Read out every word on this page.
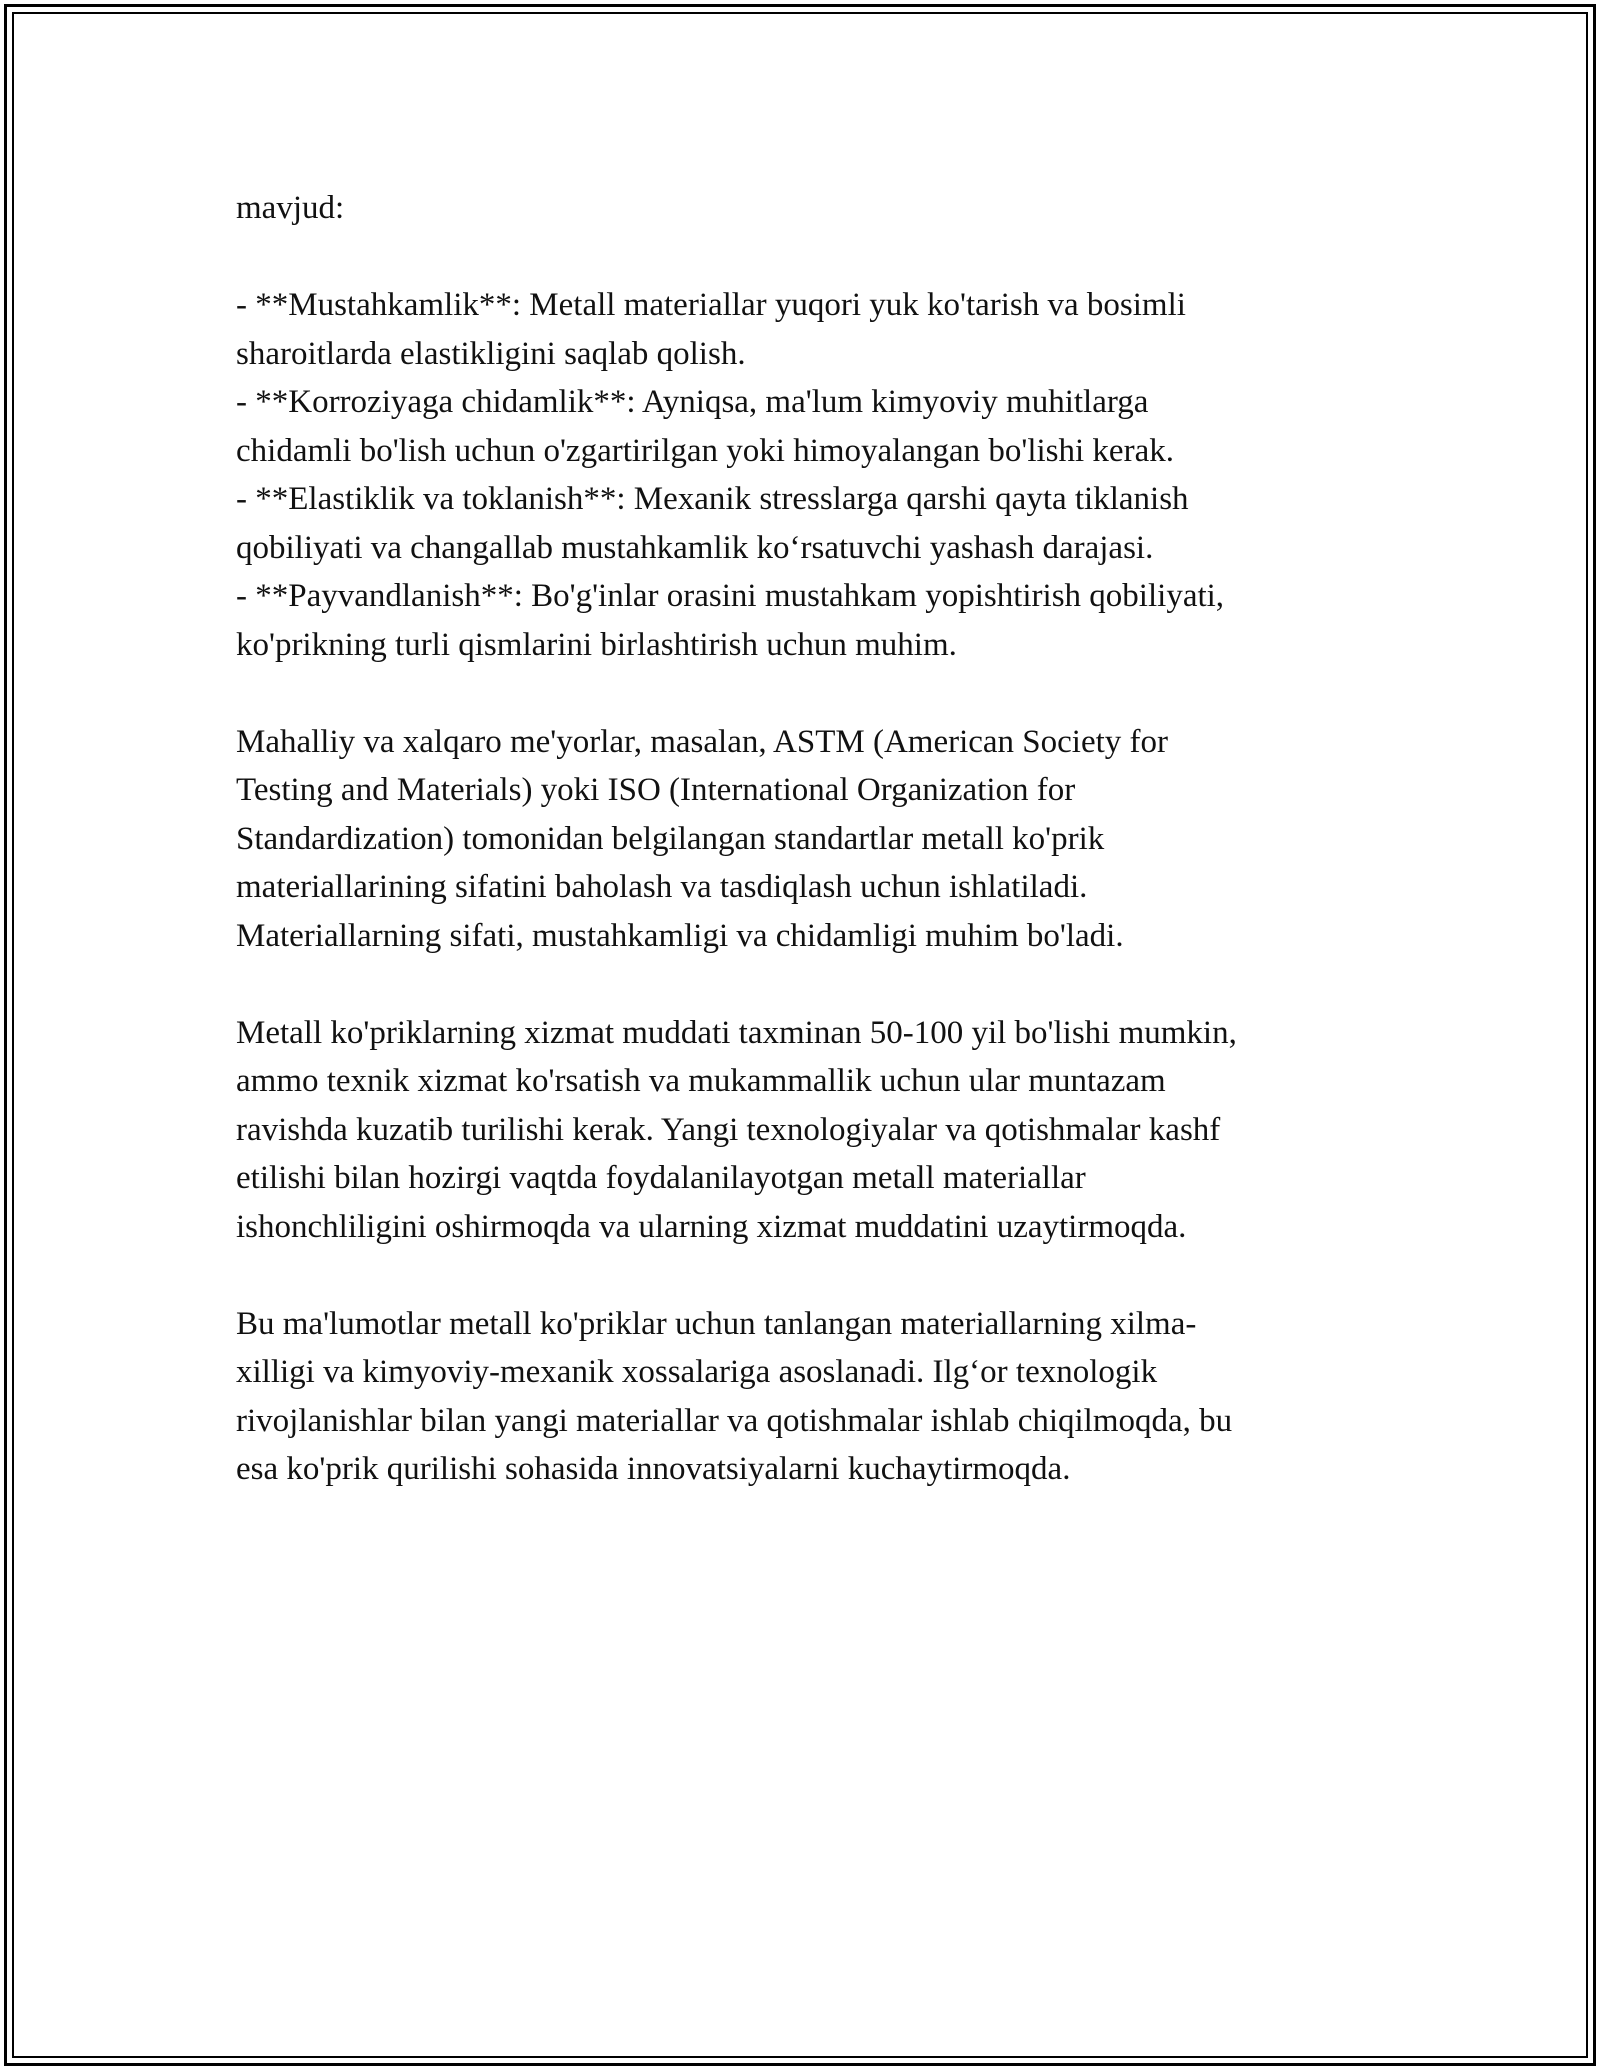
mavjud:

- **Mustahkamlik**: Metall materiallar yuqori yuk ko'tarish va bosimli

sharoitlarda elastikligini saqlab qolish.

- **Korroziyaga chidamlik**: Ayniqsa, ma'lum kimyoviy muhitlarga

chidamli bo'lish uchun o'zgartirilgan yoki himoyalangan bo'lishi kerak.

- **Elastiklik va toklanish**: Mexanik stresslarga qarshi qayta tiklanish

qobiliyati va changallab mustahkamlik ko‘rsatuvchi yashash darajasi.

- **Payvandlanish**: Bo'g'inlar orasini mustahkam yopishtirish qobiliyati,

ko'prikning turli qismlarini birlashtirish uchun muhim.

Mahalliy va xalqaro me'yorlar, masalan, ASTM (American Society for

Testing and Materials) yoki ISO (International Organization for

Standardization) tomonidan belgilangan standartlar metall ko'prik

materiallarining sifatini baholash va tasdiqlash uchun ishlatiladi.

Materiallarning sifati, mustahkamligi va chidamligi muhim bo'ladi.

Metall ko'priklarning xizmat muddati taxminan 50-100 yil bo'lishi mumkin,

ammo texnik xizmat ko'rsatish va mukammallik uchun ular muntazam

ravishda kuzatib turilishi kerak. Yangi texnologiyalar va qotishmalar kashf

etilishi bilan hozirgi vaqtda foydalanilayotgan metall materiallar

ishonchliligini oshirmoqda va ularning xizmat muddatini uzaytirmoqda.

Bu ma'lumotlar metall ko'priklar uchun tanlangan materiallarning xilma-

xilligi va kimyoviy-mexanik xossalariga asoslanadi. Ilg‘or texnologik

rivojlanishlar bilan yangi materiallar va qotishmalar ishlab chiqilmoqda, bu

esa ko'prik qurilishi sohasida innovatsiyalarni kuchaytirmoqda.
